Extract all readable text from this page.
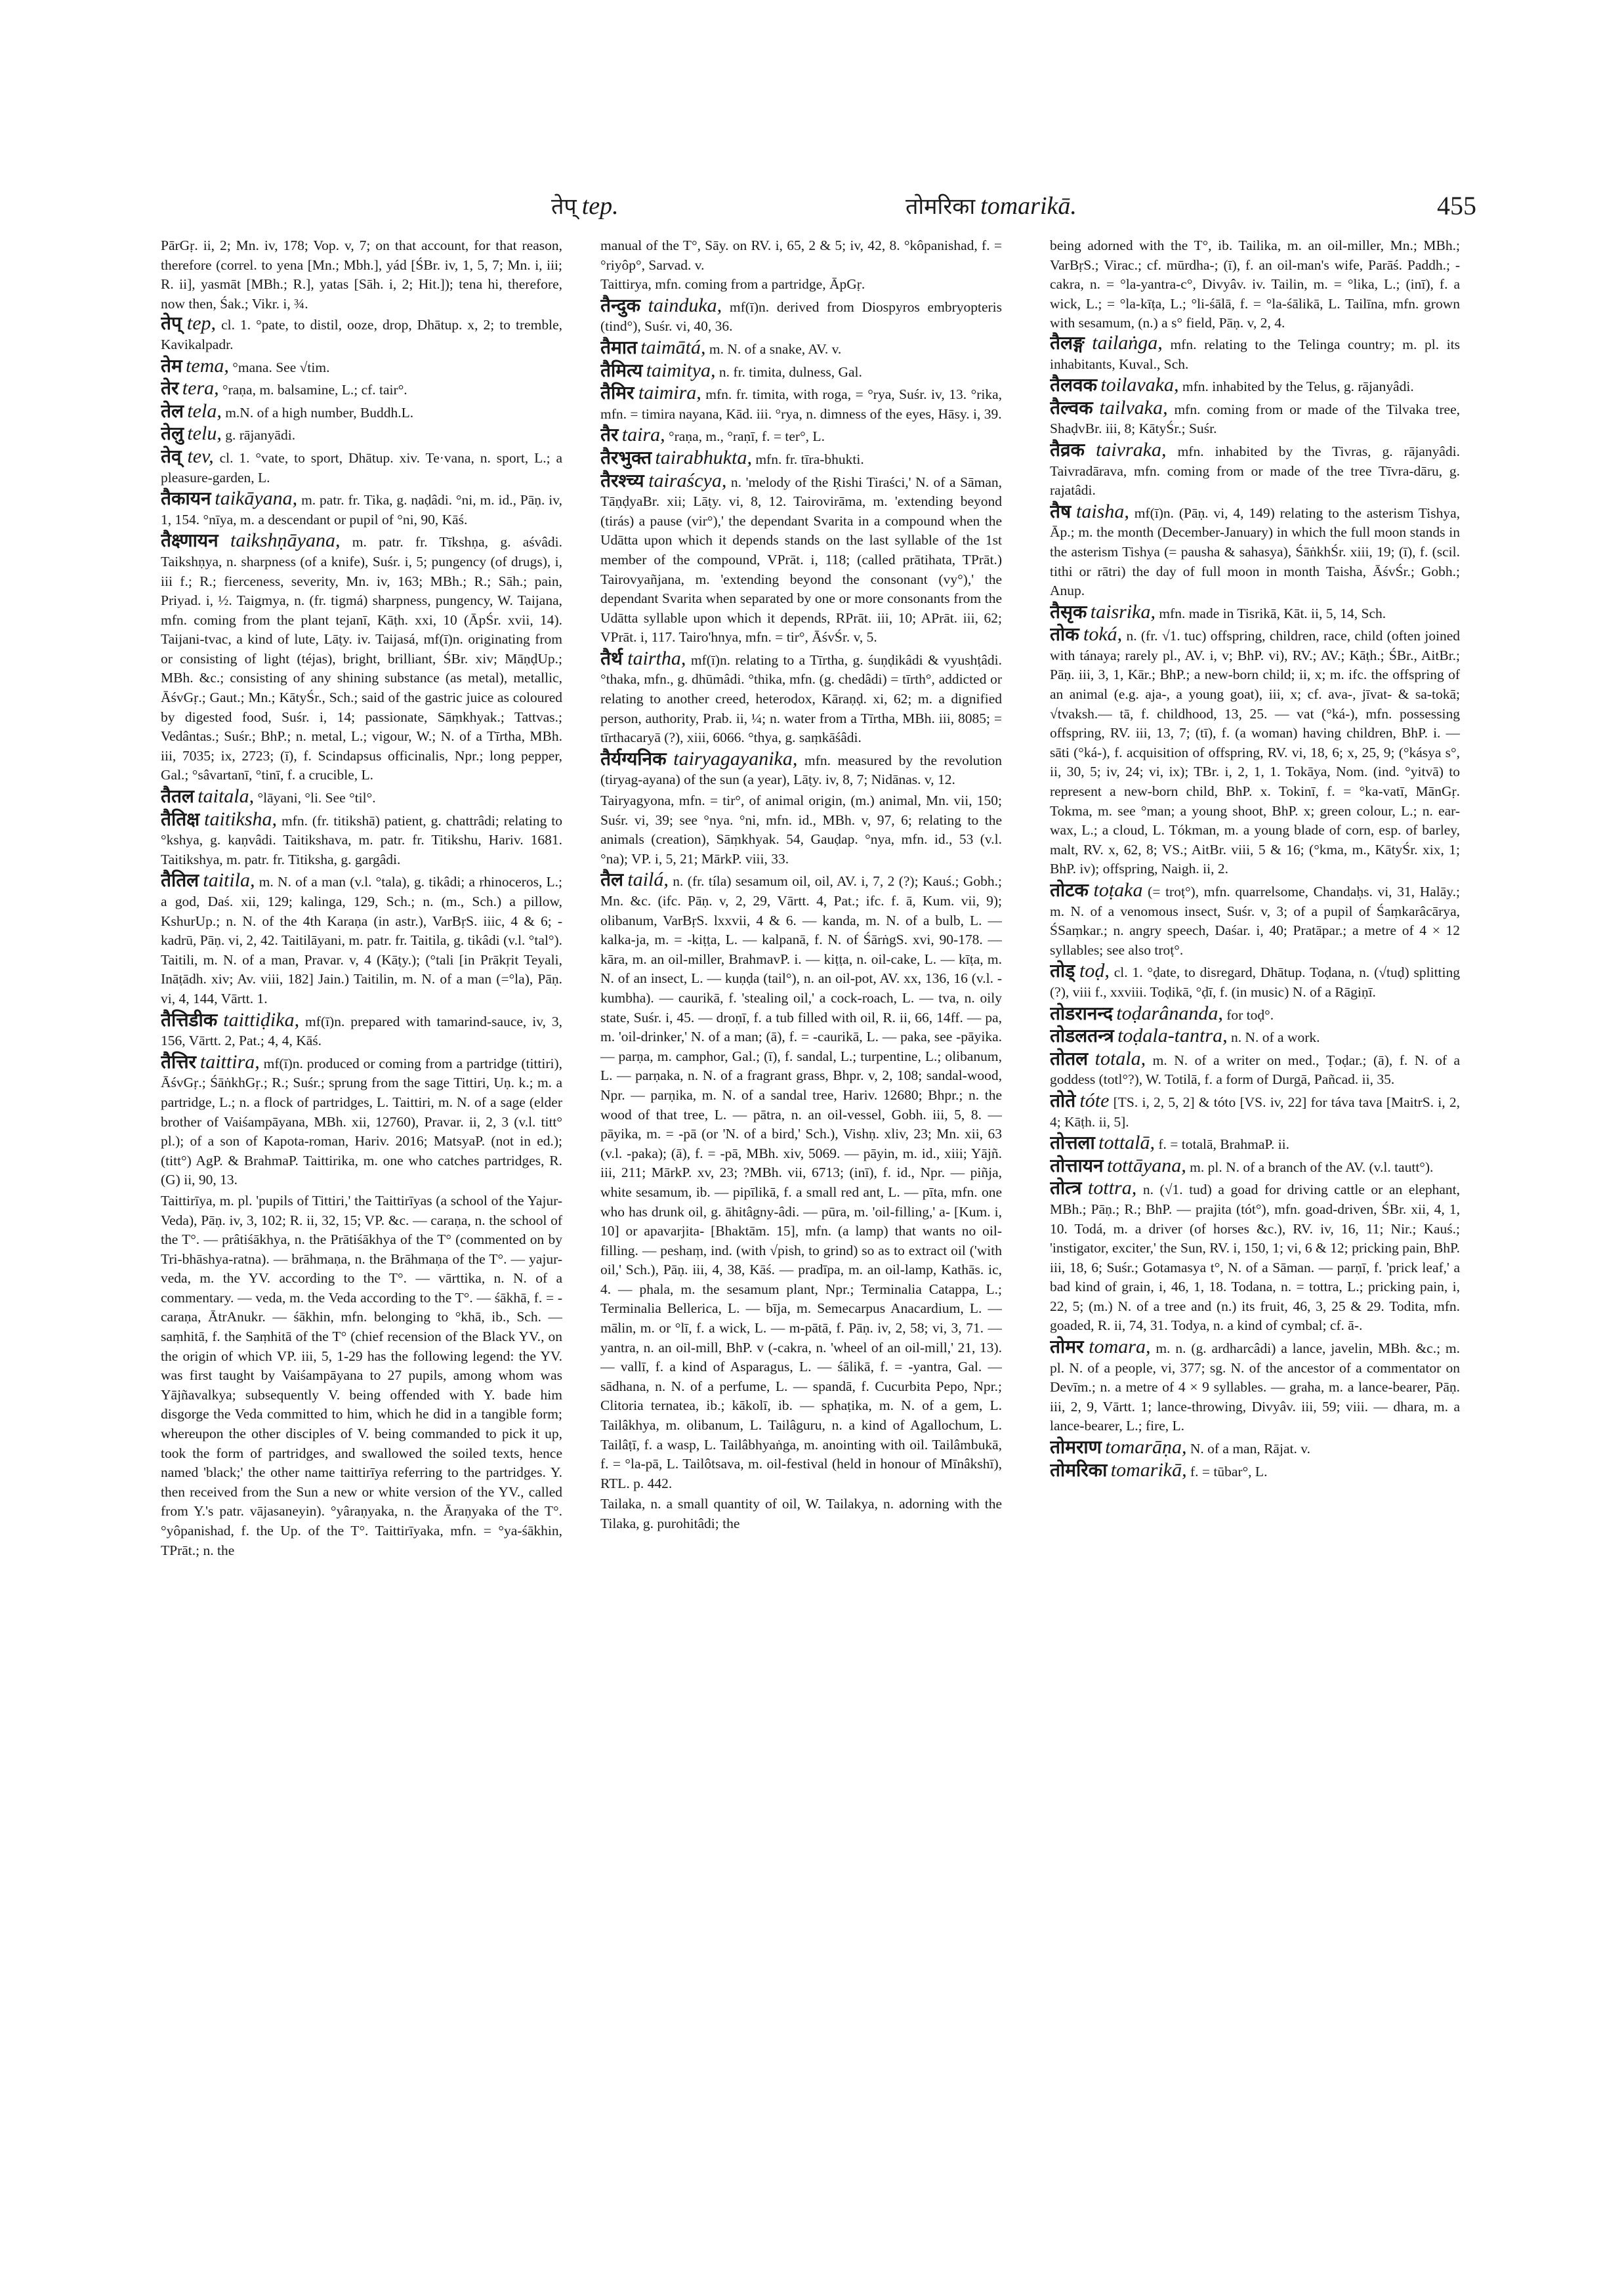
तेप् tep.	तोमरिका tomarikā.	455

PārGṛ. ii, 2; Mn. iv, 178; Vop. v, 7; on that account, for that reason, therefore (correl. to yena [Mn.; Mbh.], yád [ŚBr. iv, 1, 5, 7; Mn. i, iii; R. ii], yasmāt [MBh.; R.], yatas [Sāh. i, 2; Hit.]); tena hi, therefore, now then, Śak.; Vikr. i, ¾.

तेप् tep, cl. 1. °pate, to distil, ooze, drop, Dhātup. x, 2; to tremble, Kavikalpadr.

तेम tema, °mana. See √tim.

तेर tera, °raṇa, m. balsamine, L.; cf. tair°.

तेल tela, m.N. of a high number, Buddh.L.

तेलु telu, g. rājanyādi.

तेव् tev, cl. 1. °vate, to sport, Dhātup. xiv. Te·vana, n. sport, L.; a pleasure-garden, L.

तैकायन taikāyana, m. patr. fr. Tika, g. naḍâdi. °ni, m. id., Pāṇ. iv, 1, 154. °nīya, m. a descendant or pupil of °ni, 90, Kāś.

तैक्ष्णायन taikshṇāyana, m. patr. fr. Tīkshṇa, g. aśvâdi. Taikshṇya, n. sharpness (of a knife), Suśr. i, 5; pungency (of drugs), i, iii f.; R.; fierceness, severity, Mn. iv, 163; MBh.; R.; Sāh.; pain, Priyad. i, ½. Taigmya, n. (fr. tigmá) sharpness, pungency, W. Taijana, mfn. coming from the plant tejanī, Kāṭh. xxi, 10 (ĀpŚr. xvii, 14). Taijani-tvac, a kind of lute, Lāṭy. iv. Taijasá, mf(ī)n. originating from or consisting of light (téjas), bright, brilliant, ŚBr. xiv; MāṇḍUp.; MBh. &c.; consisting of any shining substance (as metal), metallic, ĀśvGṛ.; Gaut.; Mn.; KātyŚr., Sch.; said of the gastric juice as coloured by digested food, Suśr. i, 14; passionate, Sāṃkhyak.; Tattvas.; Vedântas.; Suśr.; BhP.; n. metal, L.; vigour, W.; N. of a Tīrtha, MBh. iii, 7035; ix, 2723; (ī), f. Scindapsus officinalis, Npr.; long pepper, Gal.; °sâvartanī, °tinī, f. a crucible, L.

तैतल taitala, °lāyani, °li. See °til°.

तैतिक्ष taitiksha, mfn. (fr. titikshā) patient, g. chattrâdi; relating to °kshya, g. kaṇvâdi. Taitikshava, m. patr. fr. Titikshu, Hariv. 1681. Taitikshya, m. patr. fr. Titiksha, g. gargâdi.

तैतिल taitila, m. N. of a man (v.l. °tala), g. tikâdi; a rhinoceros, L.; a god, Daś. xii, 129; kalinga, 129, Sch.; n. (m., Sch.) a pillow, KshurUp.; n. N. of the 4th Karaṇa (in astr.), VarBṛS. iiic, 4 & 6; -kadrū, Pāṇ. vi, 2, 42. Taitilāyani, m. patr. fr. Taitila, g. tikâdi (v.l. °tal°). Taitili, m. N. of a man, Pravar. v, 4 (Kāṭy.); (°tali [in Prākṛit Teyali, Ināṭādh. xiv; Av. viii, 182] Jain.) Taitilin, m. N. of a man (=°la), Pāṇ. vi, 4, 144, Vārtt. 1.

तैत्तिडीक taittiḍika, mf(ī)n. prepared with tamarind-sauce, iv, 3, 156, Vārtt. 2, Pat.; 4, 4, Kāś.

तैत्तिर taittira, mf(ī)n. produced or coming from a partridge (tittiri), ĀśvGṛ.; ŚāṅkhGṛ.; R.; Suśr.; sprung from the sage Tittiri, Uṇ. k.; m. a partridge, L.; n. a flock of partridges, L. Taittiri, m. N. of a sage (elder brother of Vaiśampāyana, MBh. xii, 12760), Pravar. ii, 2, 3 (v.l. titt° pl.); of a son of Kapota-roman, Hariv. 2016; MatsyaP. (not in ed.); (titt°) AgP. & BrahmaP. Taittirika, m. one who catches partridges, R. (G) ii, 90, 13.

Taittirīya, m. pl. 'pupils of Tittiri,' the Taittirīyas (a school of the Yajur-Veda), Pāṇ. iv, 3, 102; R. ii, 32, 15; VP. &c. — caraṇa, n. the school of the T°. — prâtiśākhya, n. the Prātiśākhya of the T° (commented on by Tri-bhāshya-ratna). — brāhmaṇa, n. the Brāhmaṇa of the T°. — yajur-veda, m. the YV. according to the T°. — vārttika, n. N. of a commentary. — veda, m. the Veda according to the T°. — śākhā, f. = -caraṇa, ĀtrAnukr. — śākhin, mfn. belonging to °khā, ib., Sch. — saṃhitā, f. the Saṃhitā of the T° (chief recension of the Black YV., on the origin of which VP. iii, 5, 1-29 has the following legend: the YV. was first taught by Vaiśampāyana to 27 pupils, among whom was Yājñavalkya; subsequently V. being offended with Y. bade him disgorge the Veda committed to him, which he did in a tangible form; whereupon the other disciples of V. being commanded to pick it up, took the form of partridges, and swallowed the soiled texts, hence named 'black;' the other name taittirīya referring to the partridges. Y. then received from the Sun a new or white version of the YV., called from Y.'s patr. vājasaneyin). °yâraṇyaka, n. the Āraṇyaka of the T°. °yôpanishad, f. the Up. of the T°. Taittirīyaka, mfn. = °ya-śākhin, TPrāt.; n. the

manual of the T°, Sāy. on RV. i, 65, 2 & 5; iv, 42, 8. °kôpanishad, f. = °riyôp°, Sarvad. v.

Taittirya, mfn. coming from a partridge, ĀpGṛ.

तैन्दुक tainduka, mf(ī)n. derived from Diospyros embryopteris (tind°), Suśr. vi, 40, 36.

तैमात taimātá, m. N. of a snake, AV. v.

तैमित्य taimitya, n. fr. timita, dulness, Gal.

तैमिर taimira, mfn. fr. timita, with roga, = °rya, Suśr. iv, 13. °rika, mfn. = timira nayana, Kād. iii. °rya, n. dimness of the eyes, Hāsy. i, 39.

तैर taira, °raṇa, m., °raṇī, f. = ter°, L.

तैरभुक्त tairabhukta, mfn. fr. tīra-bhukti.

तैरश्च्य tairaścya, n. 'melody of the Ṛishi Tiraści,' N. of a Sāman, TāṇḍyaBr. xii; Lāṭy. vi, 8, 12. Tairovirāma, m. 'extending beyond (tirás) a pause (vir°),' the dependant Svarita in a compound when the Udātta upon which it depends stands on the last syllable of the 1st member of the compound, VPrāt. i, 118; (called prātihata, TPrāt.) Tairovyañjana, m. 'extending beyond the consonant (vy°),' the dependant Svarita when separated by one or more consonants from the Udātta syllable upon which it depends, RPrāt. iii, 10; APrāt. iii, 62; VPrāt. i, 117. Tairo'hnya, mfn. = tir°, ĀśvŚr. v, 5.

तैर्थ tairtha, mf(ī)n. relating to a Tīrtha, g. śuṇḍikâdi & vyushṭâdi. °thaka, mfn., g. dhūmâdi. °thika, mfn. (g. chedâdi) = tīrth°, addicted or relating to another creed, heterodox, Kāraṇḍ. xi, 62; m. a dignified person, authority, Prab. ii, ¼; n. water from a Tīrtha, MBh. iii, 8085; = tīrthacaryā (?), xiii, 6066. °thya, g. saṃkāśâdi.

तैर्यग्यनिक tairyagayanika, mfn. measured by the revolution (tiryag-ayana) of the sun (a year), Lāṭy. iv, 8, 7; Nidānas. v, 12.

Tairyagyona, mfn. = tir°, of animal origin, (m.) animal, Mn. vii, 150; Suśr. vi, 39; see °nya. °ni, mfn. id., MBh. v, 97, 6; relating to the animals (creation), Sāṃkhyak. 54, Gauḍap. °nya, mfn. id., 53 (v.l. °na); VP. i, 5, 21; MārkP. viii, 33.

तैल tailá, n. (fr. tíla) sesamum oil, oil, AV. i, 7, 2 (?); Kauś.; Gobh.; Mn. &c. (ifc. Pāṇ. v, 2, 29, Vārtt. 4, Pat.; ifc. f. ā, Kum. vii, 9); olibanum, VarBṛS. lxxvii, 4 & 6. — kanda, m. N. of a bulb, L. — kalka-ja, m. = -kiṭṭa, L. — kalpanā, f. N. of ŚārṅgS. xvi, 90-178. — kāra, m. an oil-miller, BrahmavP. i. — kiṭṭa, n. oil-cake, L. — kīṭa, m. N. of an insect, L. — kuṇḍa (tail°), n. an oil-pot, AV. xx, 136, 16 (v.l. -kumbha). — caurikā, f. 'stealing oil,' a cock-roach, L. — tva, n. oily state, Suśr. i, 45. — droṇī, f. a tub filled with oil, R. ii, 66, 14ff. — pa, m. 'oil-drinker,' N. of a man; (ā), f. = -caurikā, L. — paka, see -pāyika. — parṇa, m. camphor, Gal.; (ī), f. sandal, L.; turpentine, L.; olibanum, L. — parṇaka, n. N. of a fragrant grass, Bhpr. v, 2, 108; sandal-wood, Npr. — parṇika, m. N. of a sandal tree, Hariv. 12680; Bhpr.; n. the wood of that tree, L. — pātra, n. an oil-vessel, Gobh. iii, 5, 8. — pāyika, m. = -pā (or 'N. of a bird,' Sch.), Vishṇ. xliv, 23; Mn. xii, 63 (v.l. -paka); (ā), f. = -pā, MBh. xiv, 5069. — pāyin, m. id., xiii; Yājñ. iii, 211; MārkP. xv, 23; ?MBh. vii, 6713; (inī), f. id., Npr. — piñja, white sesamum, ib. — pipīlikā, f. a small red ant, L. — pīta, mfn. one who has drunk oil, g. āhitâgny-âdi. — pūra, m. 'oil-filling,' a- [Kum. i, 10] or apavarjita- [Bhaktām. 15], mfn. (a lamp) that wants no oil-filling. — peshaṃ, ind. (with √pish, to grind) so as to extract oil ('with oil,' Sch.), Pāṇ. iii, 4, 38, Kāś. — pradīpa, m. an oil-lamp, Kathās. ic, 4. — phala, m. the sesamum plant, Npr.; Terminalia Catappa, L.; Terminalia Bellerica, L. — bīja, m. Semecarpus Anacardium, L. — mālin, m. or °lī, f. a wick, L. — m-pātā, f. Pāṇ. iv, 2, 58; vi, 3, 71. — yantra, n. an oil-mill, BhP. v (-cakra, n. 'wheel of an oil-mill,' 21, 13). — vallī, f. a kind of Asparagus, L. — śālikā, f. = -yantra, Gal. — sādhana, n. N. of a perfume, L. — spandā, f. Cucurbita Pepo, Npr.; Clitoria ternatea, ib.; kākolī, ib. — sphaṭika, m. N. of a gem, L. Tailâkhya, m. olibanum, L. Tailâguru, n. a kind of Agallochum, L. Tailâṭī, f. a wasp, L. Tailâbhyaṅga, m. anointing with oil. Tailâmbukā, f. = °la-pā, L. Tailôtsava, m. oil-festival (held in honour of Mīnâkshī), RTL. p. 442.

Tailaka, n. a small quantity of oil, W. Tailakya, n. adorning with the Tilaka, g. purohitâdi; the

being adorned with the T°, ib. Tailika, m. an oil-miller, Mn.; MBh.; VarBṛS.; Virac.; cf. mūrdha-; (ī), f. an oil-man's wife, Parāś. Paddh.; -cakra, n. = °la-yantra-c°, Divyâv. iv. Tailin, m. = °lika, L.; (inī), f. a wick, L.; = °la-kīṭa, L.; °li-śālā, f. = °la-śālikā, L. Tailīna, mfn. grown with sesamum, (n.) a s° field, Pāṇ. v, 2, 4.

तैलङ्ग tailaṅga, mfn. relating to the Telinga country; m. pl. its inhabitants, Kuval., Sch.

तैलवक toilavaka, mfn. inhabited by the Telus, g. rājanyâdi.

तैल्वक tailvaka, mfn. coming from or made of the Tilvaka tree, ShaḍvBr. iii, 8; KātyŚr.; Suśr.

तैव्रक taivraka, mfn. inhabited by the Tivras, g. rājanyâdi. Taivradārava, mfn. coming from or made of the tree Tīvra-dāru, g. rajatâdi.

तैष taisha, mf(ī)n. (Pāṇ. vi, 4, 149) relating to the asterism Tishya, Āp.; m. the month (December-January) in which the full moon stands in the asterism Tishya (= pausha & sahasya), ŚāṅkhŚr. xiii, 19; (ī), f. (scil. tithi or rātri) the day of full moon in month Taisha, ĀśvŚr.; Gobh.; Anup.

तैसृक taisrika, mfn. made in Tisrikā, Kāt. ii, 5, 14, Sch.

तोक toká, n. (fr. √1. tuc) offspring, children, race, child (often joined with tánaya; rarely pl., AV. i, v; BhP. vi), RV.; AV.; Kāṭh.; ŚBr., AitBr.; Pāṇ. iii, 3, 1, Kār.; BhP.; a new-born child; ii, x; m. ifc. the offspring of an animal (e.g. aja-, a young goat), iii, x; cf. ava-, jīvat- & sa-tokā; √tvaksh.— tā, f. childhood, 13, 25. — vat (°ká-), mfn. possessing offspring, RV. iii, 13, 7; (tī), f. (a woman) having children, BhP. i. — sāti (°ká-), f. acquisition of offspring, RV. vi, 18, 6; x, 25, 9; (°kásya s°, ii, 30, 5; iv, 24; vi, ix); TBr. i, 2, 1, 1. Tokāya, Nom. (ind. °yitvā) to represent a new-born child, BhP. x. Tokinī, f. = °ka-vatī, MānGṛ. Tokma, m. see °man; a young shoot, BhP. x; green colour, L.; n. ear-wax, L.; a cloud, L. Tókman, m. a young blade of corn, esp. of barley, malt, RV. x, 62, 8; VS.; AitBr. viii, 5 & 16; (°kma, m., KātyŚr. xix, 1; BhP. iv); offspring, Naigh. ii, 2.

तोटक toṭaka (= troṭ°), mfn. quarrelsome, Chandaḥs. vi, 31, Halāy.; m. N. of a venomous insect, Suśr. v, 3; of a pupil of Śaṃkarâcārya, ŚSaṃkar.; n. angry speech, Daśar. i, 40; Pratāpar.; a metre of 4 × 12 syllables; see also troṭ°.

तोड् toḍ, cl. 1. °ḍate, to disregard, Dhātup. Toḍana, n. (√tuḍ) splitting (?), viii f., xxviii. Toḍikā, °ḍī, f. (in music) N. of a Rāgiṇī.

तोडरानन्द toḍarânanda, for toḍ°.

तोडलतन्त्र toḍala-tantra, n. N. of a work.

तोतल totala, m. N. of a writer on med., Ṭoḍar.; (ā), f. N. of a goddess (totl°?), W. Totilā, f. a form of Durgā, Pañcad. ii, 35.

तोते tóte [TS. i, 2, 5, 2] & tóto [VS. iv, 22] for táva tava [MaitrS. i, 2, 4; Kāṭh. ii, 5].

तोत्तला tottalā, f. = totalā, BrahmaP. ii.

तोत्तायन tottāyana, m. pl. N. of a branch of the AV. (v.l. tautt°).

तोत्त्र tottra, n. (√1. tud) a goad for driving cattle or an elephant, MBh.; Pāṇ.; R.; BhP. — prajita (tót°), mfn. goad-driven, ŚBr. xii, 4, 1, 10. Todá, m. a driver (of horses &c.), RV. iv, 16, 11; Nir.; Kauś.; 'instigator, exciter,' the Sun, RV. i, 150, 1; vi, 6 & 12; pricking pain, BhP. iii, 18, 6; Suśr.; Gotamasya t°, N. of a Sāman. — parṇī, f. 'prick leaf,' a bad kind of grain, i, 46, 1, 18. Todana, n. = tottra, L.; pricking pain, i, 22, 5; (m.) N. of a tree and (n.) its fruit, 46, 3, 25 & 29. Todita, mfn. goaded, R. ii, 74, 31. Todya, n. a kind of cymbal; cf. ā-.

तोमर tomara, m. n. (g. ardharcâdi) a lance, javelin, MBh. &c.; m. pl. N. of a people, vi, 377; sg. N. of the ancestor of a commentator on Devīm.; n. a metre of 4 × 9 syllables. — graha, m. a lance-bearer, Pāṇ. iii, 2, 9, Vārtt. 1; lance-throwing, Divyâv. iii, 59; viii. — dhara, m. a lance-bearer, L.; fire, L.

तोमराण tomarāṇa, N. of a man, Rājat. v.

तोमरिका tomarikā, f. = tūbar°, L.
